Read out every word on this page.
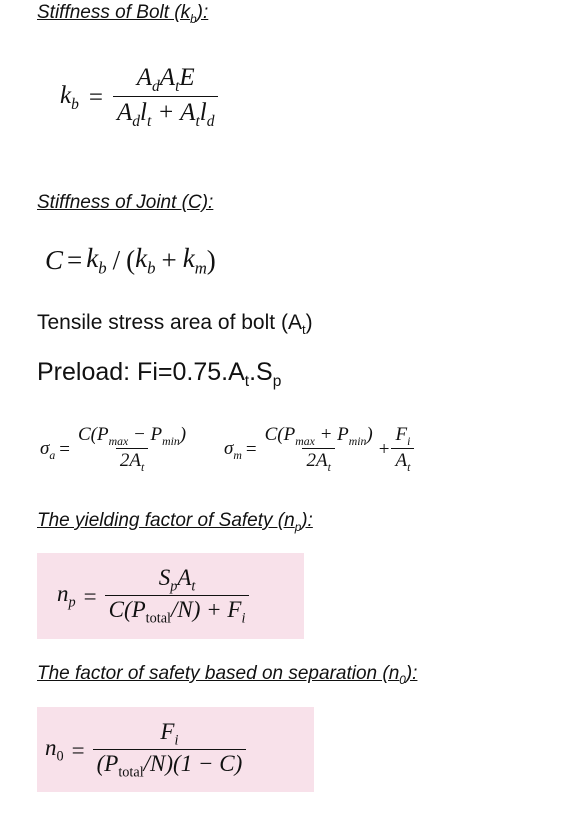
Stiffness of Bolt $(k_b)$:
$k_b = \frac{A_dA_tE}{A_dl_t + A_tl_d}$
Stiffness of Joint (C):
$C = k_b$ / ( $k_b + k_m$ )
Tensile stress area of bolt $(A_t)$
Preload: $Fi=0.75.A_t.S_p$
$\sigma_a = \frac{C(P_{max} - P_{min})}{2A_t} \sigma_m = \frac{C(P_{max} + P_{min})}{2A_t} + \frac{F_i}{A_t}$
The yielding factor of Safety $(n_p)$:
$n_p = \frac{S_pA_t}{C(P_{total}/N) + F_i}$
The factor of safety based on separation $(n_0)$:
$n_0 = \frac{F_i}{(P_{total}/N)(1 - C)}$
